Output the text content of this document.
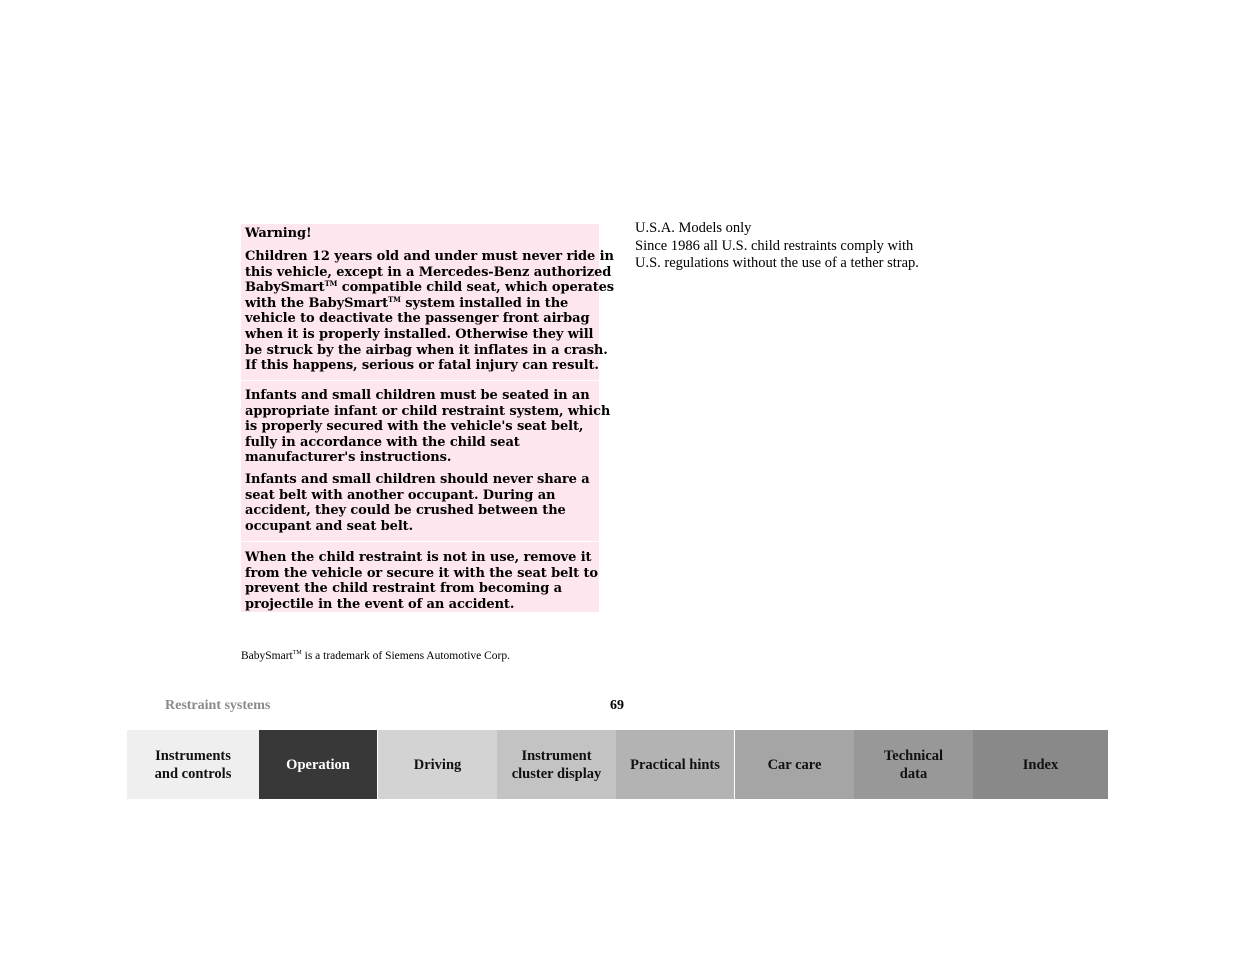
Warning!
Children 12 years old and under must never ride in
this vehicle, except in a Mercedes-Benz authorized
BabySmart™ compatible child seat, which operates
with the BabySmart™ system installed in the
vehicle to deactivate the passenger front airbag
when it is properly installed. Otherwise they will
be struck by the airbag when it inflates in a crash.
If this happens, serious or fatal injury can result.
Infants and small children must be seated in an
appropriate infant or child restraint system, which
is properly secured with the vehicle's seat belt,
fully in accordance with the child seat
manufacturer's instructions.
Infants and small children should never share a
seat belt with another occupant. During an
accident, they could be crushed between the
occupant and seat belt.
When the child restraint is not in use, remove it
from the vehicle or secure it with the seat belt to
prevent the child restraint from becoming a
projectile in the event of an accident.
U.S.A. Models only
Since 1986 all U.S. child restraints comply with
U.S. regulations without the use of a tether strap.
BabySmart™ is a trademark of Siemens Automotive Corp.
Restraint systems	69
Instruments
and controls
Operation	Driving
Instrument
cluster display
Practical hints	Car care
Technical
data
Index
